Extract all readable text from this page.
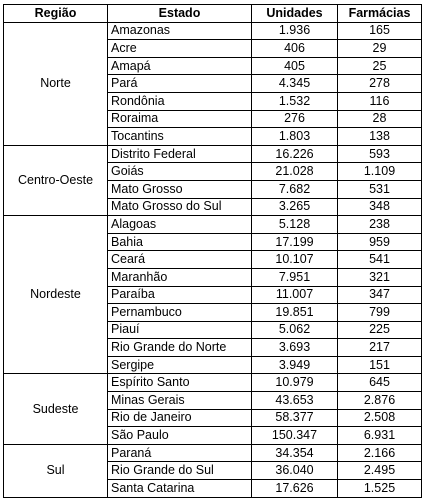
Região	Estado	Unidades	Farmácias
Norte	Amazonas	1.936	165
	Acre	406	29
	Amapá	405	25
	Pará	4.345	278
	Rondônia	1.532	116
	Roraima	276	28
	Tocantins	1.803	138
Centro-Oeste	Distrito Federal	16.226	593
	Goiás	21.028	1.109
	Mato Grosso	7.682	531
	Mato Grosso do Sul	3.265	348
Nordeste	Alagoas	5.128	238
	Bahia	17.199	959
	Ceará	10.107	541
	Maranhão	7.951	321
	Paraíba	11.007	347
	Pernambuco	19.851	799
	Piauí	5.062	225
	Rio Grande do Norte	3.693	217
	Sergipe	3.949	151
Sudeste	Espírito Santo	10.979	645
	Minas Gerais	43.653	2.876
	Rio de Janeiro	58.377	2.508
	São Paulo	150.347	6.931
Sul	Paraná	34.354	2.166
	Rio Grande do Sul	36.040	2.495
	Santa Catarina	17.626	1.525
